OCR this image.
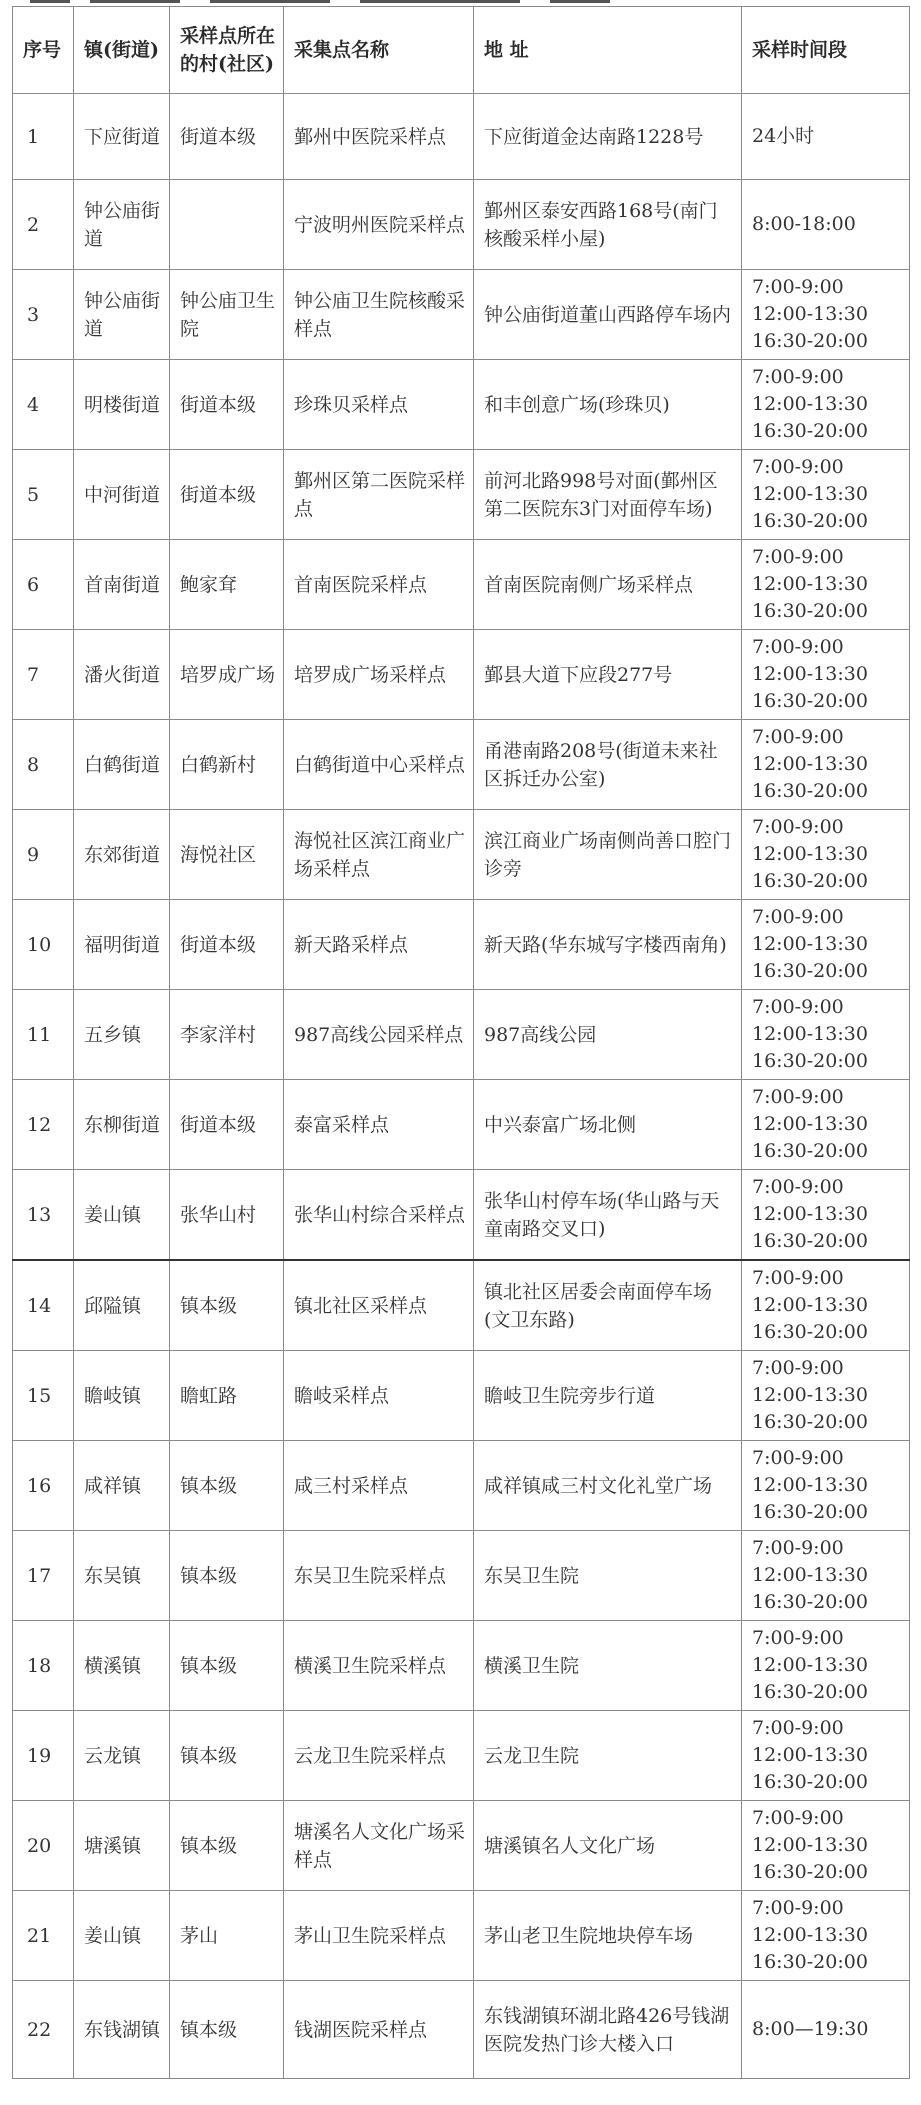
序号	镇(街道)	采样点所在的村(社区)	采集点名称	地 址	采样时间段
1	下应街道	街道本级	鄞州中医院采样点	下应街道金达南路1228号	24小时
2	钟公庙街道		宁波明州医院采样点	鄞州区泰安西路168号(南门核酸采样小屋)	8:00-18:00
3	钟公庙街道	钟公庙卫生院	钟公庙卫生院核酸采样点	钟公庙街道董山西路停车场内	7:00-9:00
12:00-13:30
16:30-20:00
4	明楼街道	街道本级	珍珠贝采样点	和丰创意广场(珍珠贝)	7:00-9:00
12:00-13:30
16:30-20:00
5	中河街道	街道本级	鄞州区第二医院采样点	前河北路998号对面(鄞州区第二医院东3门对面停车场)	7:00-9:00
12:00-13:30
16:30-20:00
6	首南街道	鲍家耷	首南医院采样点	首南医院南侧广场采样点	7:00-9:00
12:00-13:30
16:30-20:00
7	潘火街道	培罗成广场	培罗成广场采样点	鄞县大道下应段277号	7:00-9:00
12:00-13:30
16:30-20:00
8	白鹤街道	白鹤新村	白鹤街道中心采样点	甬港南路208号(街道未来社区拆迁办公室)	7:00-9:00
12:00-13:30
16:30-20:00
9	东郊街道	海悦社区	海悦社区滨江商业广场采样点	滨江商业广场南侧尚善口腔门诊旁	7:00-9:00
12:00-13:30
16:30-20:00
10	福明街道	街道本级	新天路采样点	新天路(华东城写字楼西南角)	7:00-9:00
12:00-13:30
16:30-20:00
11	五乡镇	李家洋村	987高线公园采样点	987高线公园	7:00-9:00
12:00-13:30
16:30-20:00
12	东柳街道	街道本级	泰富采样点	中兴泰富广场北侧	7:00-9:00
12:00-13:30
16:30-20:00
13	姜山镇	张华山村	张华山村综合采样点	张华山村停车场(华山路与天童南路交叉口)	7:00-9:00
12:00-13:30
16:30-20:00
14	邱隘镇	镇本级	镇北社区采样点	镇北社区居委会南面停车场(文卫东路)	7:00-9:00
12:00-13:30
16:30-20:00
15	瞻岐镇	瞻虹路	瞻岐采样点	瞻岐卫生院旁步行道	7:00-9:00
12:00-13:30
16:30-20:00
16	咸祥镇	镇本级	咸三村采样点	咸祥镇咸三村文化礼堂广场	7:00-9:00
12:00-13:30
16:30-20:00
17	东吴镇	镇本级	东吴卫生院采样点	东吴卫生院	7:00-9:00
12:00-13:30
16:30-20:00
18	横溪镇	镇本级	横溪卫生院采样点	横溪卫生院	7:00-9:00
12:00-13:30
16:30-20:00
19	云龙镇	镇本级	云龙卫生院采样点	云龙卫生院	7:00-9:00
12:00-13:30
16:30-20:00
20	塘溪镇	镇本级	塘溪名人文化广场采样点	塘溪镇名人文化广场	7:00-9:00
12:00-13:30
16:30-20:00
21	姜山镇	茅山	茅山卫生院采样点	茅山老卫生院地块停车场	7:00-9:00
12:00-13:30
16:30-20:00
22	东钱湖镇	镇本级	钱湖医院采样点	东钱湖镇环湖北路426号钱湖医院发热门诊大楼入口	8:00—19:30
